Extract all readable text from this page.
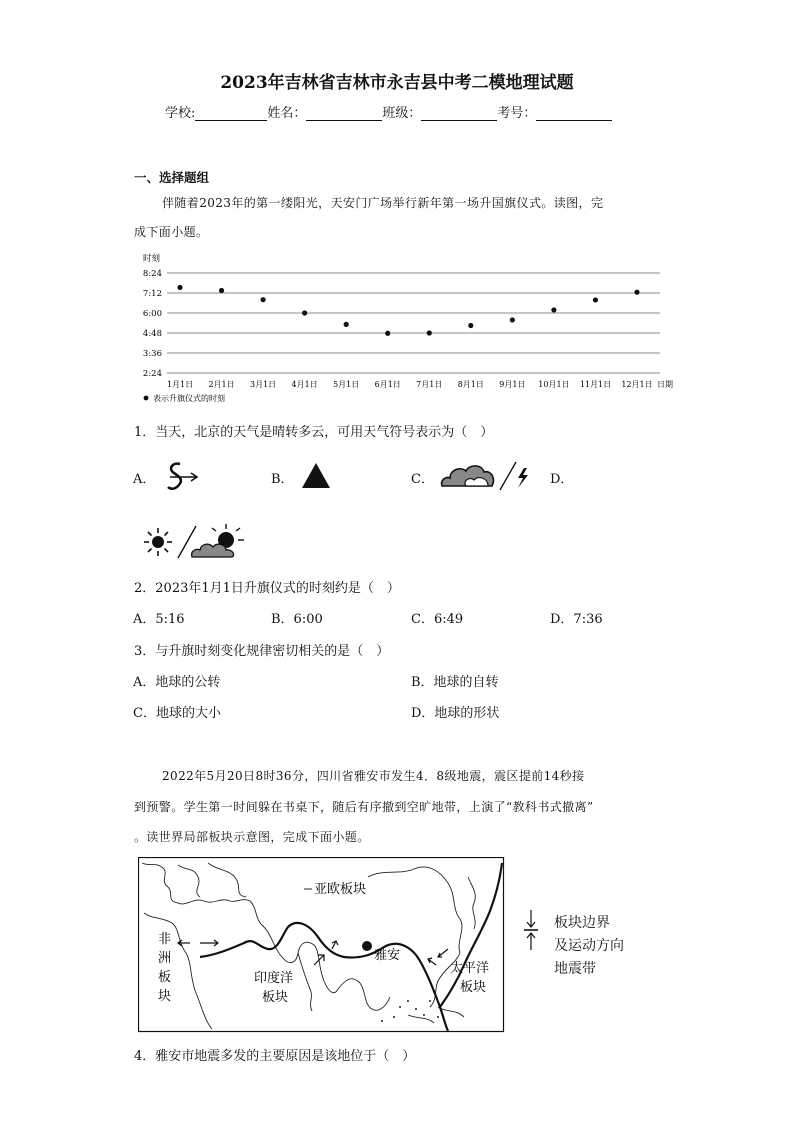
2023年吉林省吉林市永吉县中考二模地理试题
学校:	姓名：	班级：	考号：
一、选择题组
伴随着2023年的第一缕阳光，天安门广场举行新年第一场升国旗仪式。读图，完
成下面小题。
时刻
8:24
7:12
6:00
4:48
3:36
2:24
1月1日 2月1日 3月1日 4月1日 5月1日 6月1日 7月1日 8月1日 9月1日 10月1日 11月1日 12月1日 日期
表示升旗仪式的时刻
1．当天，北京的天气是晴转多云，可用天气符号表示为（　）
A．	B．	C．	D．
2．2023年1月1日升旗仪式的时刻约是（　）
A．5:16	B．6:00	C．6:49	D．7:36
3．与升旗时刻变化规律密切相关的是（　）
A．地球的公转	B．地球的自转
C．地球的大小	D．地球的形状
2022年5月20日8时36分，四川省雅安市发生4．8级地震，震区提前14秒接
到预警。学生第一时间躲在书桌下，随后有序撤到空旷地带，上演了“教科书式撤离”
。读世界局部板块示意图，完成下面小题。
亚欧板块
非
洲
板
块
印度洋
板块
雅安
太平洋
板块
板块边界
及运动方向
地震带
4．雅安市地震多发的主要原因是该地位于（　）
